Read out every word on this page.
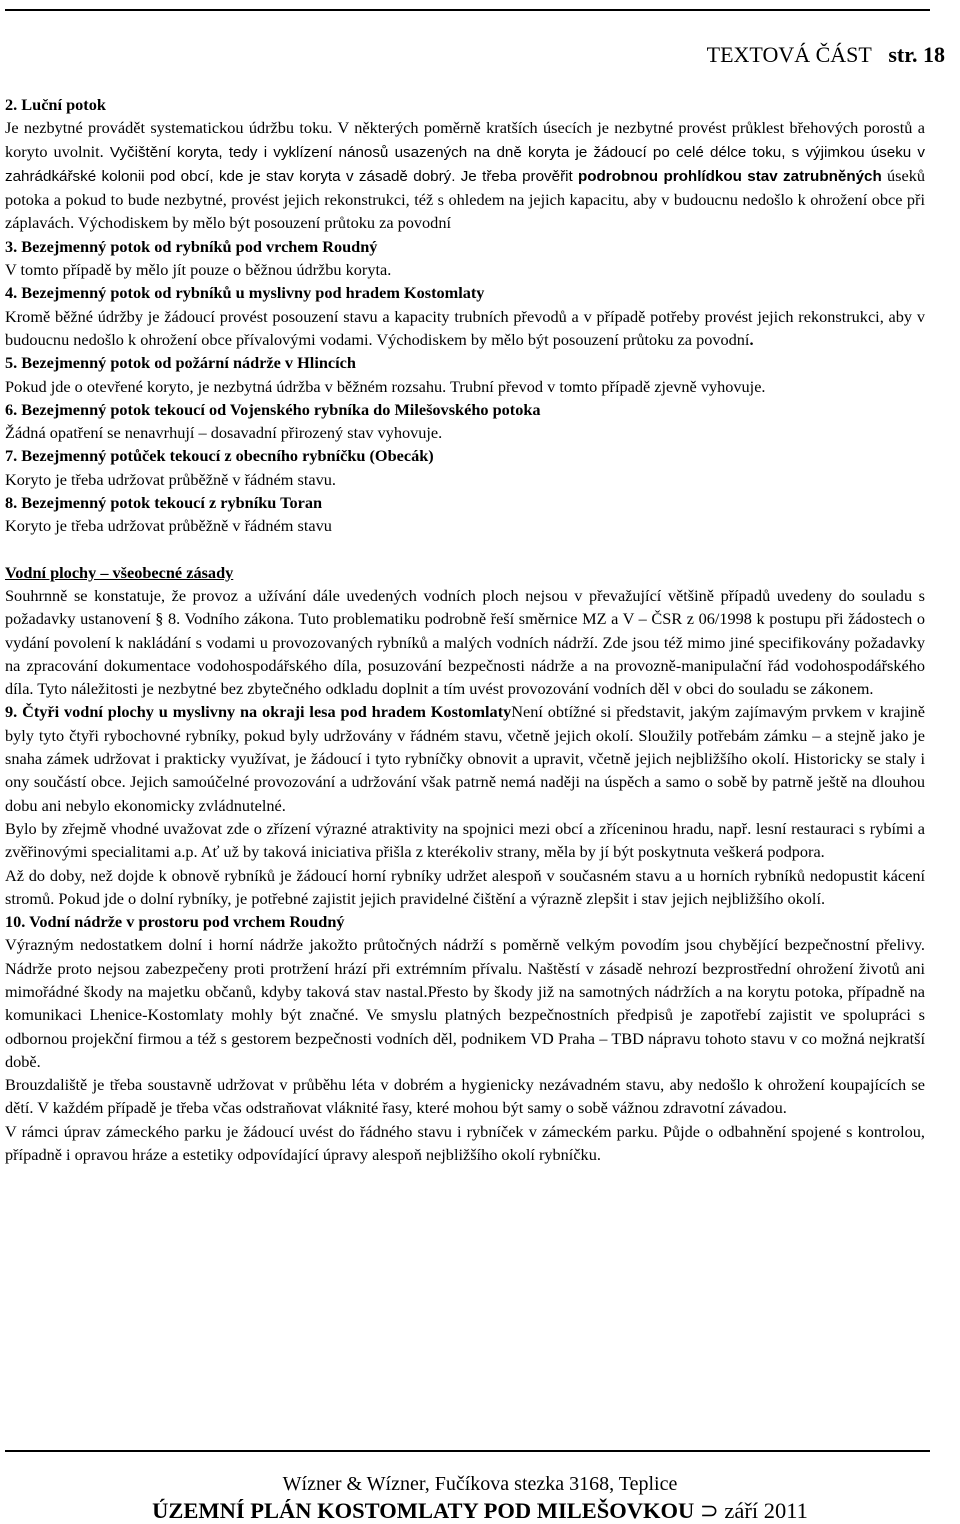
TEXTOVÁ ČÁST str. 18

2. Luční potok

Je nezbytné provádět systematickou údržbu toku. V některých poměrně kratších úsecích je nezbytné provést průklest břehových porostů a koryto uvolnit. Vyčištění koryta, tedy i vyklízení nánosů usazených na dně koryta je žádoucí po celé délce toku, s výjimkou úseku v zahrádkářské kolonii pod obcí, kde je stav koryta v zásadě dobrý. Je třeba prověřit podrobnou prohlídkou stav zatrubněných úseků potoka a pokud to bude nezbytné, provést jejich rekonstrukci, též s ohledem na jejich kapacitu, aby v budoucnu nedošlo k ohrožení obce při záplavách. Východiskem by mělo být posouzení průtoku za povodní

3. Bezejmenný potok od rybníků pod vrchem Roudný

V tomto případě by mělo jít pouze o běžnou údržbu koryta.

4. Bezejmenný potok od rybníků u myslivny pod hradem Kostomlaty

Kromě běžné údržby je žádoucí provést posouzení stavu a kapacity trubních převodů a v případě potřeby provést jejich rekonstrukci, aby v budoucnu nedošlo k ohrožení obce přívalovými vodami. Východiskem by mělo být posouzení průtoku za povodní.

5. Bezejmenný potok od požární nádrže v Hlincích

Pokud jde o otevřené koryto, je nezbytná údržba v běžném rozsahu. Trubní převod v tomto případě zjevně vyhovuje.

6. Bezejmenný potok tekoucí od Vojenského rybníka do Milešovského potoka

Žádná opatření se nenavrhují – dosavadní přirozený stav vyhovuje.

7. Bezejmenný potůček tekoucí z obecního rybníčku (Obecák)

Koryto je třeba udržovat průběžně v řádném stavu.

8. Bezejmenný potok tekoucí z rybníku Toran

Koryto je třeba udržovat průběžně v řádném stavu

Vodní plochy – všeobecné zásady

Souhrnně se konstatuje, že provoz a užívání dále uvedených vodních ploch nejsou v převažující většině případů uvedeny do souladu s požadavky ustanovení § 8. Vodního zákona. Tuto problematiku podrobně řeší směrnice MZ a V – ČSR z 06/1998 k postupu při žádostech o vydání povolení k nakládání s vodami u provozovaných rybníků a malých vodních nádrží. Zde jsou též mimo jiné specifikovány požadavky na zpracování dokumentace vodohospodářského díla, posuzování bezpečnosti nádrže a na provozně-manipulační řád vodohospodářského díla. Tyto náležitosti je nezbytné bez zbytečného odkladu doplnit a tím uvést provozování vodních děl v obci do souladu se zákonem.

9. Čtyři vodní plochy u myslivny na okraji lesa pod hradem KostomlatyNení obtížné si představit, jakým zajímavým prvkem v krajině byly tyto čtyři rybochovné rybníky, pokud byly udržovány v řádném stavu, včetně jejich okolí. Sloužily potřebám zámku – a stejně jako je snaha zámek udržovat i prakticky využívat, je žádoucí i tyto rybníčky obnovit a upravit, včetně jejich nejbližšího okolí. Historicky se staly i ony součástí obce. Jejich samoúčelné provozování a udržování však patrně nemá naději na úspěch a samo o sobě by patrně ještě na dlouhou dobu ani nebylo ekonomicky zvládnutelné.

Bylo by zřejmě vhodné uvažovat zde o zřízení výrazné atraktivity na spojnici mezi obcí a zříceninou hradu, např. lesní restauraci s rybími a zvěřinovými specialitami a.p. Ať už by taková iniciativa přišla z kterékoliv strany, měla by jí být poskytnuta veškerá podpora.

Až do doby, než dojde k obnově rybníků je žádoucí horní rybníky udržet alespoň v současném stavu a u horních rybníků nedopustit kácení stromů. Pokud jde o dolní rybníky, je potřebné zajistit jejich pravidelné čištění a výrazně zlepšit i stav jejich nejbližšího okolí.

10. Vodní nádrže v prostoru pod vrchem Roudný

Výrazným nedostatkem dolní i horní nádrže jakožto průtočných nádrží s poměrně velkým povodím jsou chybějící bezpečnostní přelivy. Nádrže proto nejsou zabezpečeny proti protržení hrází při extrémním přívalu. Naštěstí v zásadě nehrozí bezprostřední ohrožení životů ani mimořádné škody na majetku občanů, kdyby taková stav nastal.Přesto by škody již na samotných nádržích a na korytu potoka, případně na komunikaci Lhenice-Kostomlaty mohly být značné. Ve smyslu platných bezpečnostních předpisů je zapotřebí zajistit ve spolupráci s odbornou projekční firmou a též s gestorem bezpečnosti vodních děl, podnikem VD Praha – TBD nápravu tohoto stavu v co možná nejkratší době.

Brouzdaliště je třeba soustavně udržovat v průběhu léta v dobrém a hygienicky nezávadném stavu, aby nedošlo k ohrožení koupajících se dětí. V každém případě je třeba včas odstraňovat vláknité řasy, které mohou být samy o sobě vážnou zdravotní závadou.

V rámci úprav zámeckého parku je žádoucí uvést do řádného stavu i rybníček v zámeckém parku. Půjde o odbahnění spojené s kontrolou, případně i opravou hráze a estetiky odpovídající úpravy alespoň nejbližšího okolí rybníčku.

Wízner & Wízner, Fučíkova stezka 3168, Teplice
ÚZEMNÍ PLÁN KOSTOMLATY POD MILEŠOVKOU ⊃ září 2011
